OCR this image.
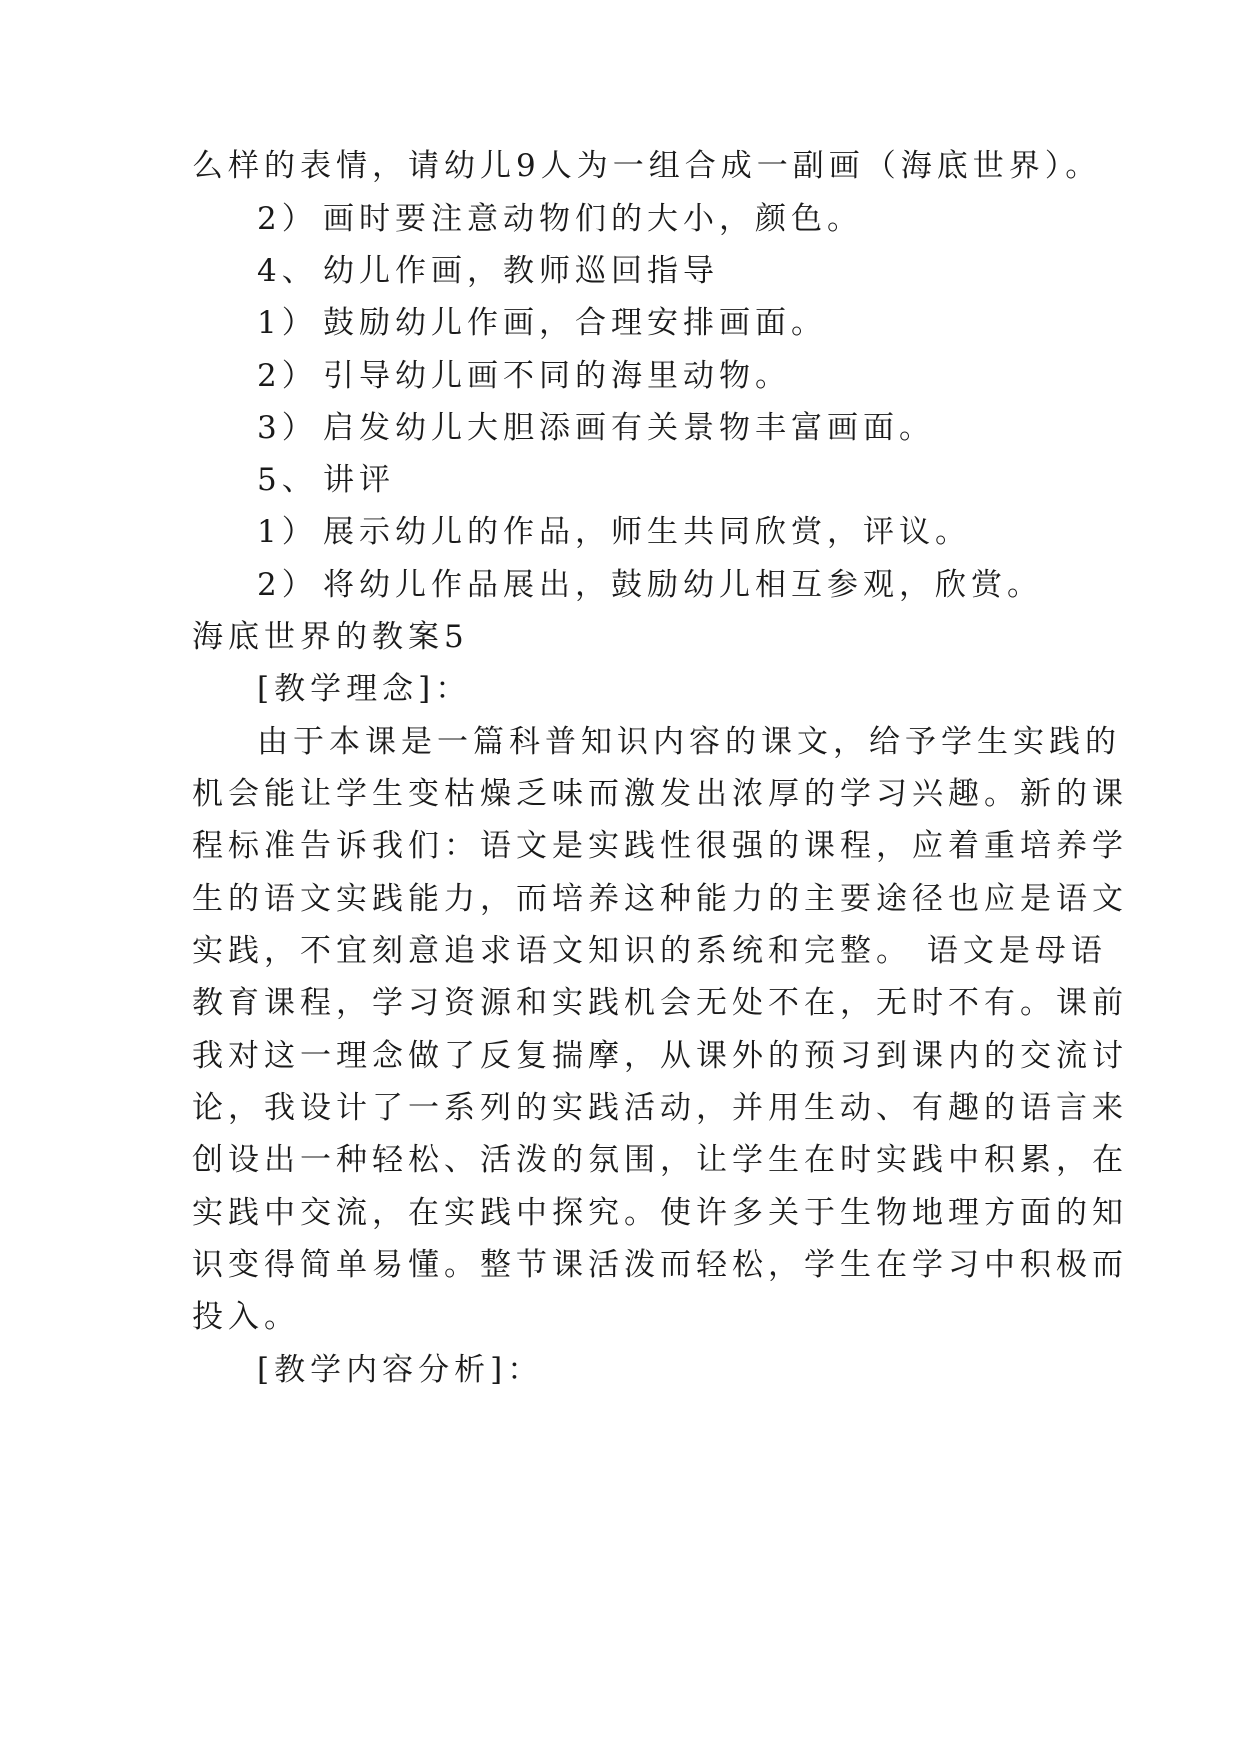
么样的表情，请幼儿9人为一组合成一副画（海底世界）。
2） 画时要注意动物们的大小，颜色。
4、 幼儿作画，教师巡回指导
1） 鼓励幼儿作画，合理安排画面。
2） 引导幼儿画不同的海里动物。
3） 启发幼儿大胆添画有关景物丰富画面。
5、 讲评
1） 展示幼儿的作品，师生共同欣赏，评议。
2） 将幼儿作品展出，鼓励幼儿相互参观，欣赏。
海底世界的教案5
[教学理念]：
由于本课是一篇科普知识内容的课文，给予学生实践的
机会能让学生变枯燥乏味而激发出浓厚的学习兴趣。新的课
程标准告诉我们：语文是实践性很强的课程，应着重培养学
生的语文实践能力，而培养这种能力的主要途径也应是语文
实践，不宜刻意追求语文知识的系统和完整。 语文是母语
教育课程，学习资源和实践机会无处不在，无时不有。课前
我对这一理念做了反复揣摩，从课外的预习到课内的交流讨
论，我设计了一系列的实践活动，并用生动、有趣的语言来
创设出一种轻松、活泼的氛围，让学生在时实践中积累，在
实践中交流，在实践中探究。使许多关于生物地理方面的知
识变得简单易懂。整节课活泼而轻松，学生在学习中积极而
投入。
[教学内容分析]：
